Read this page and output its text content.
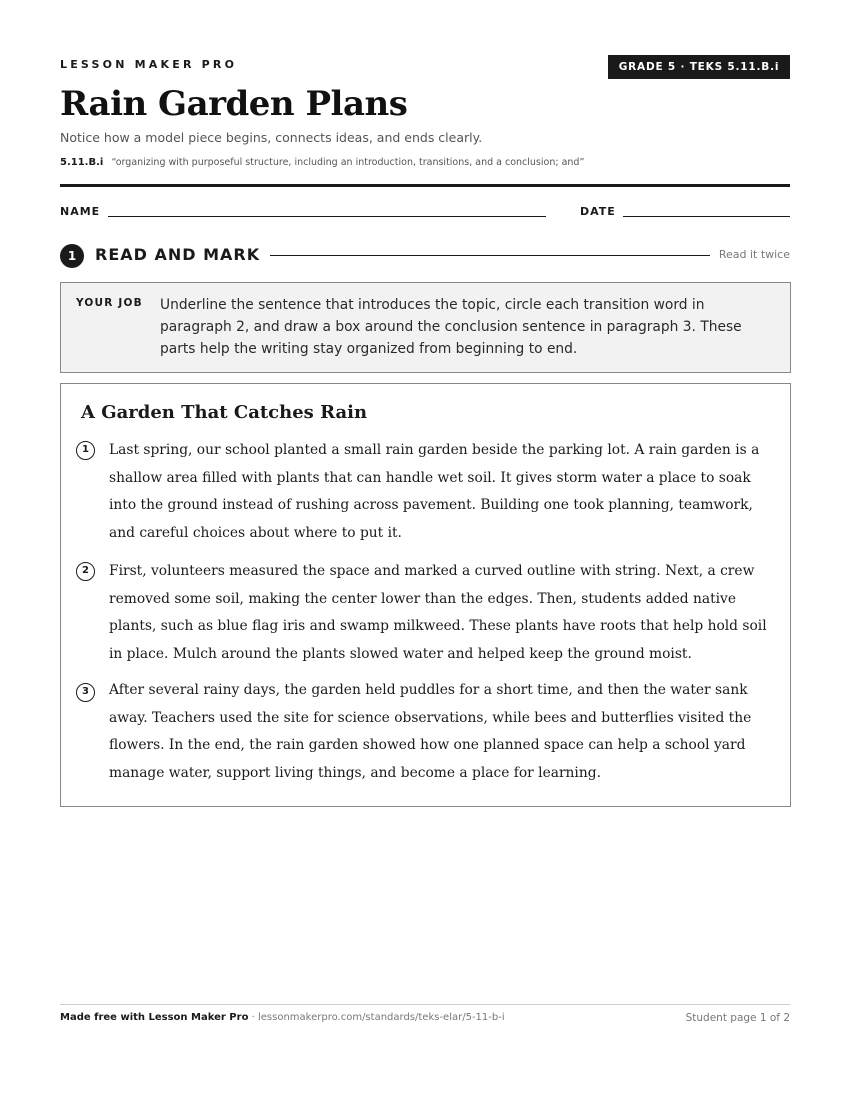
LESSON MAKER PRO	GRADE 5 · TEKS 5.11.B.i
Rain Garden Plans
Notice how a model piece begins, connects ideas, and ends clearly.
5.11.B.i “organizing with purposeful structure, including an introduction, transitions, and a conclusion; and”
NAME	DATE
1	READ AND MARK	Read it twice
YOUR JOB Underline the sentence that introduces the topic, circle each transition word in paragraph 2, and draw a box around the conclusion sentence in paragraph 3. These parts help the writing stay organized from beginning to end.
A Garden That Catches Rain
1	Last spring, our school planted a small rain garden beside the parking lot. A rain garden is a shallow area filled with plants that can handle wet soil. It gives storm water a place to soak into the ground instead of rushing across pavement. Building one took planning, teamwork, and careful choices about where to put it.

2	First, volunteers measured the space and marked a curved outline with string. Next, a crew removed some soil, making the center lower than the edges. Then, students added native plants, such as blue flag iris and swamp milkweed. These plants have roots that help hold soil in place. Mulch around the plants slowed water and helped keep the ground moist.

3	After several rainy days, the garden held puddles for a short time, and then the water sank away. Teachers used the site for science observations, while bees and butterflies visited the flowers. In the end, the rain garden showed how one planned space can help a school yard manage water, support living things, and become a place for learning.

Made free with Lesson Maker Pro · lessonmakerpro.com/standards/teks-elar/5-11-b-i	Student page 1 of 2
